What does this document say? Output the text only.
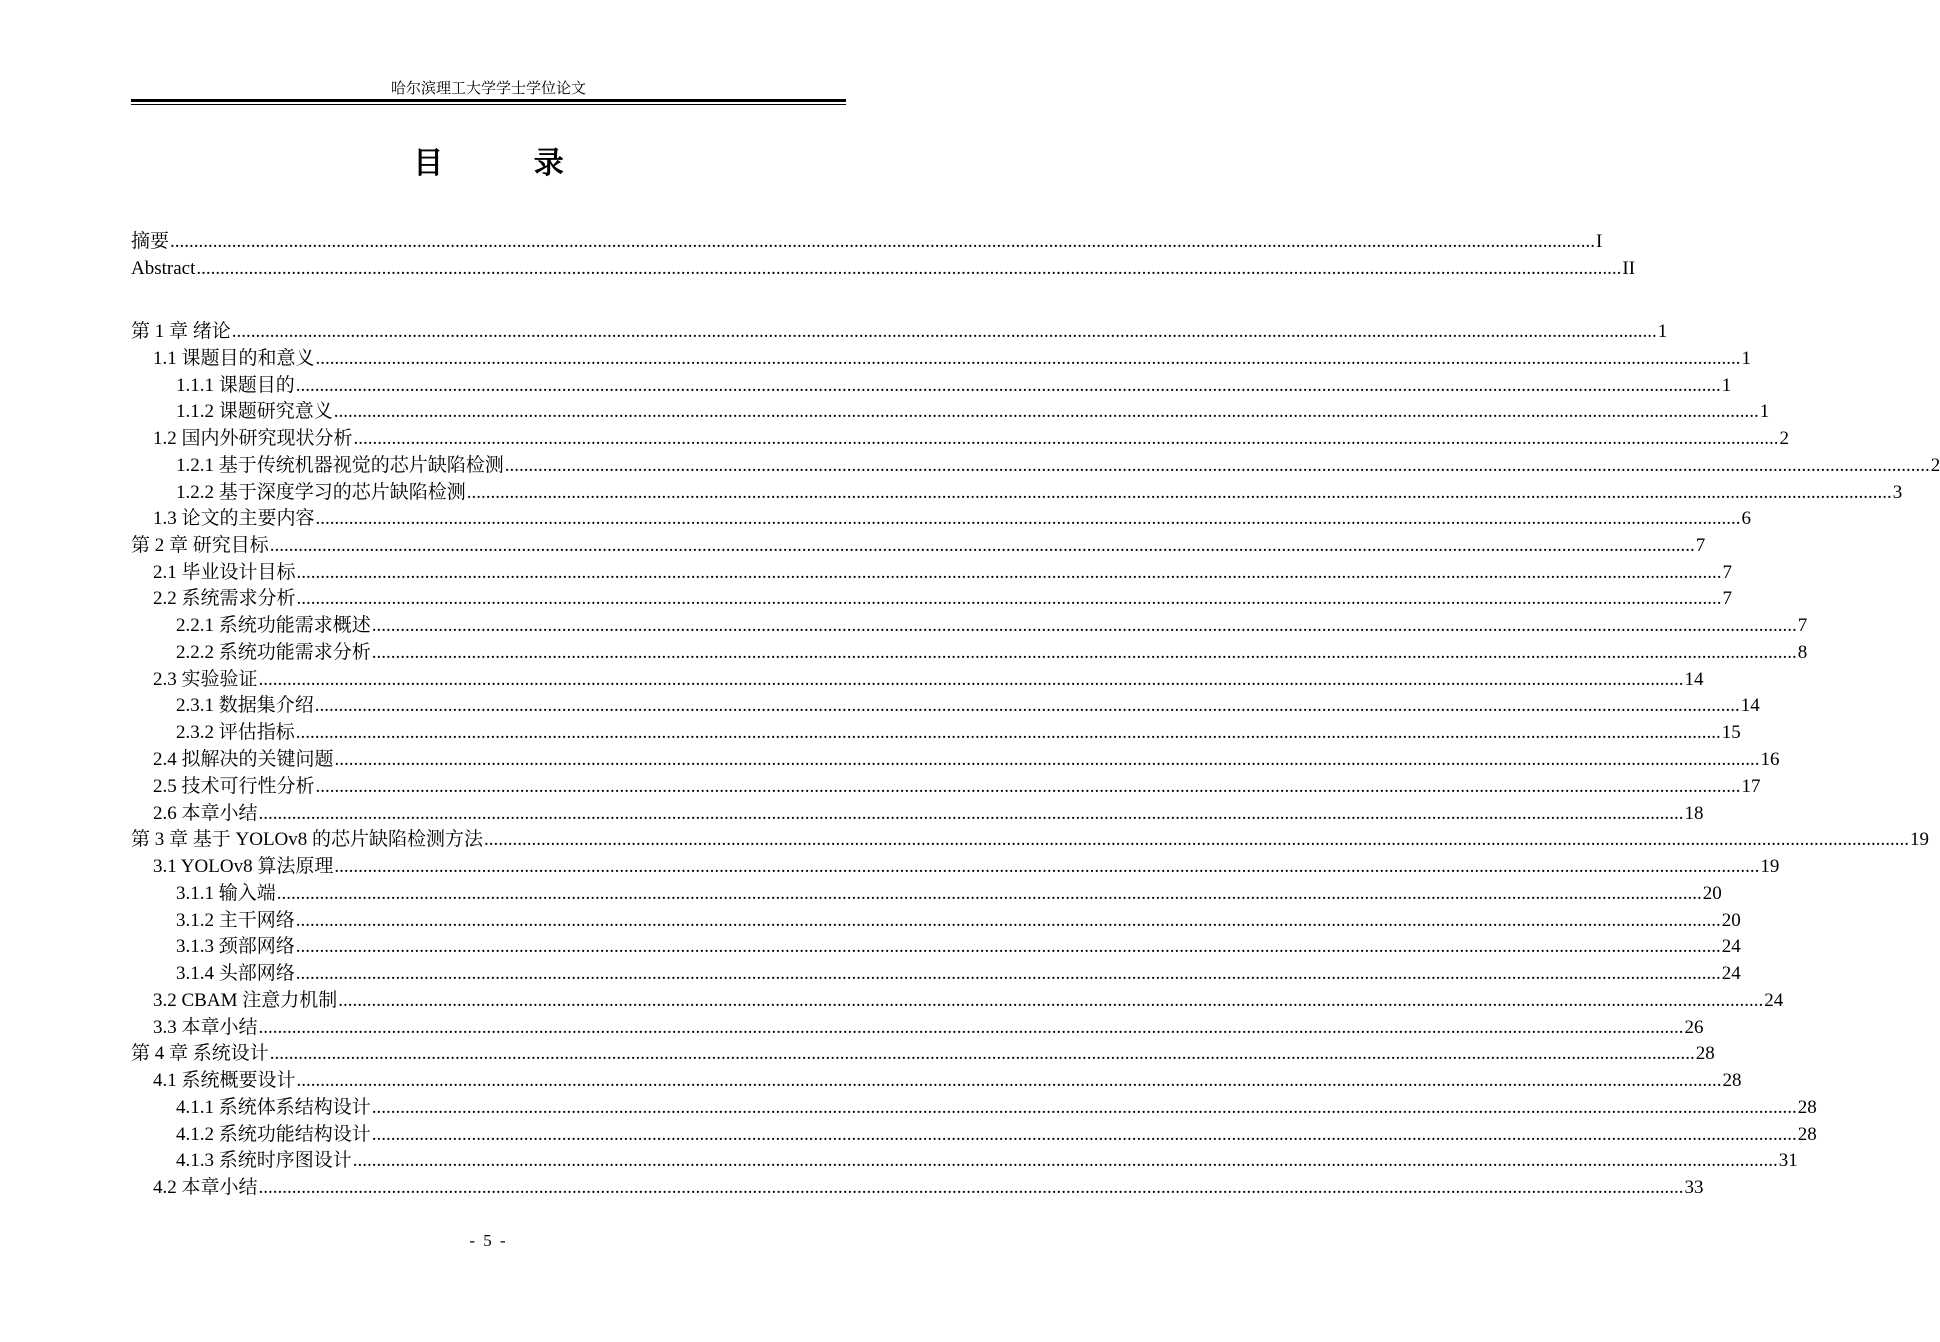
哈尔滨理工大学学士学位论文
目 录
摘要 ............................................................................................................................................................................................................................................................................................................ I
Abstract ............................................................................................................................................................................................................................................................................................................ II
第 1 章 绪论 ............................................................................................................................................................................................................................................................................................................ 1
1.1 课题目的和意义 ............................................................................................................................................................................................................................................................................................................ 1
1.1.1 课题目的 ............................................................................................................................................................................................................................................................................................................ 1
1.1.2 课题研究意义 ............................................................................................................................................................................................................................................................................................................ 1
1.2 国内外研究现状分析 ............................................................................................................................................................................................................................................................................................................ 2
1.2.1 基于传统机器视觉的芯片缺陷检测 ............................................................................................................................................................................................................................................................................................................ 2
1.2.2 基于深度学习的芯片缺陷检测 ............................................................................................................................................................................................................................................................................................................ 3
1.3 论文的主要内容 ............................................................................................................................................................................................................................................................................................................ 6
第 2 章 研究目标 ............................................................................................................................................................................................................................................................................................................ 7
2.1 毕业设计目标 ............................................................................................................................................................................................................................................................................................................ 7
2.2 系统需求分析 ............................................................................................................................................................................................................................................................................................................ 7
2.2.1 系统功能需求概述 ............................................................................................................................................................................................................................................................................................................ 7
2.2.2 系统功能需求分析 ............................................................................................................................................................................................................................................................................................................ 8
2.3 实验验证 ............................................................................................................................................................................................................................................................................................................ 14
2.3.1 数据集介绍 ............................................................................................................................................................................................................................................................................................................ 14
2.3.2 评估指标 ............................................................................................................................................................................................................................................................................................................ 15
2.4 拟解决的关键问题 ............................................................................................................................................................................................................................................................................................................ 16
2.5 技术可行性分析 ............................................................................................................................................................................................................................................................................................................ 17
2.6 本章小结 ............................................................................................................................................................................................................................................................................................................ 18
第 3 章 基于 YOLOv8 的芯片缺陷检测方法 ............................................................................................................................................................................................................................................................................................................ 19
3.1 YOLOv8 算法原理 ............................................................................................................................................................................................................................................................................................................ 19
3.1.1 输入端 ............................................................................................................................................................................................................................................................................................................ 20
3.1.2 主干网络 ............................................................................................................................................................................................................................................................................................................ 20
3.1.3 颈部网络 ............................................................................................................................................................................................................................................................................................................ 24
3.1.4 头部网络 ............................................................................................................................................................................................................................................................................................................ 24
3.2 CBAM 注意力机制 ............................................................................................................................................................................................................................................................................................................ 24
3.3 本章小结 ............................................................................................................................................................................................................................................................................................................ 26
第 4 章 系统设计 ............................................................................................................................................................................................................................................................................................................ 28
4.1 系统概要设计 ............................................................................................................................................................................................................................................................................................................ 28
4.1.1 系统体系结构设计 ............................................................................................................................................................................................................................................................................................................ 28
4.1.2 系统功能结构设计 ............................................................................................................................................................................................................................................................................................................ 28
4.1.3 系统时序图设计 ............................................................................................................................................................................................................................................................................................................ 31
4.2 本章小结 ............................................................................................................................................................................................................................................................................................................ 33
- 5 -
